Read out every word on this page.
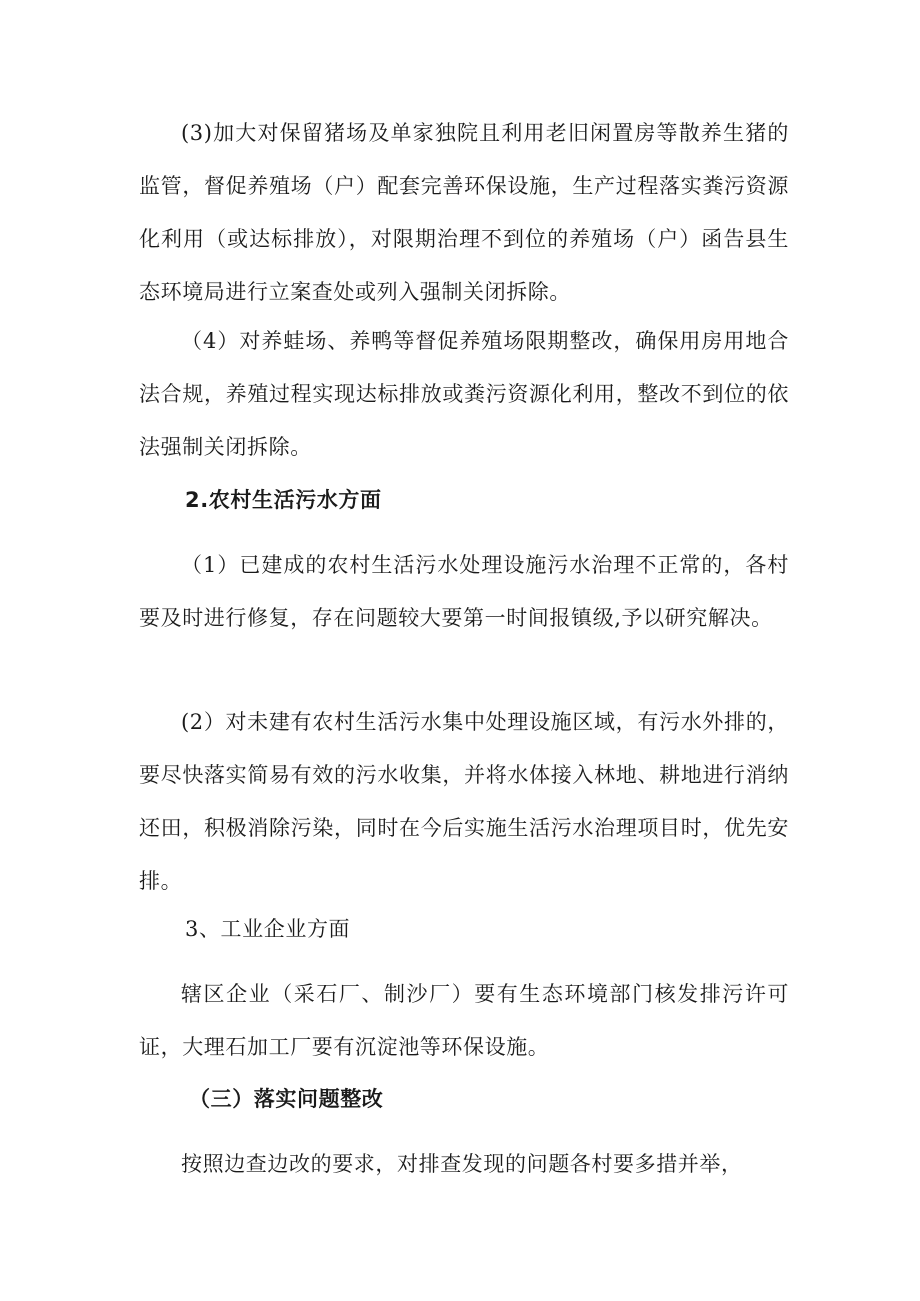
(3)加大对保留猪场及单家独院且利用老旧闲置房等散养生猪的监管，督促养殖场（户）配套完善环保设施，生产过程落实粪污资源化利用（或达标排放），对限期治理不到位的养殖场（户）函告县生态环境局进行立案查处或列入强制关闭拆除。

（4）对养蛙场、养鸭等督促养殖场限期整改，确保用房用地合法合规，养殖过程实现达标排放或粪污资源化利用，整改不到位的依法强制关闭拆除。

2.农村生活污水方面

（1）已建成的农村生活污水处理设施污水治理不正常的，各村要及时进行修复，存在问题较大要第一时间报镇级,予以研究解决。

(2）对未建有农村生活污水集中处理设施区域，有污水外排的，要尽快落实简易有效的污水收集，并将水体接入林地、耕地进行消纳还田，积极消除污染，同时在今后实施生活污水治理项目时，优先安排。

3、工业企业方面

辖区企业（采石厂、制沙厂）要有生态环境部门核发排污许可证，大理石加工厂要有沉淀池等环保设施。

（三）落实问题整改

按照边查边改的要求，对排查发现的问题各村要多措并举，
